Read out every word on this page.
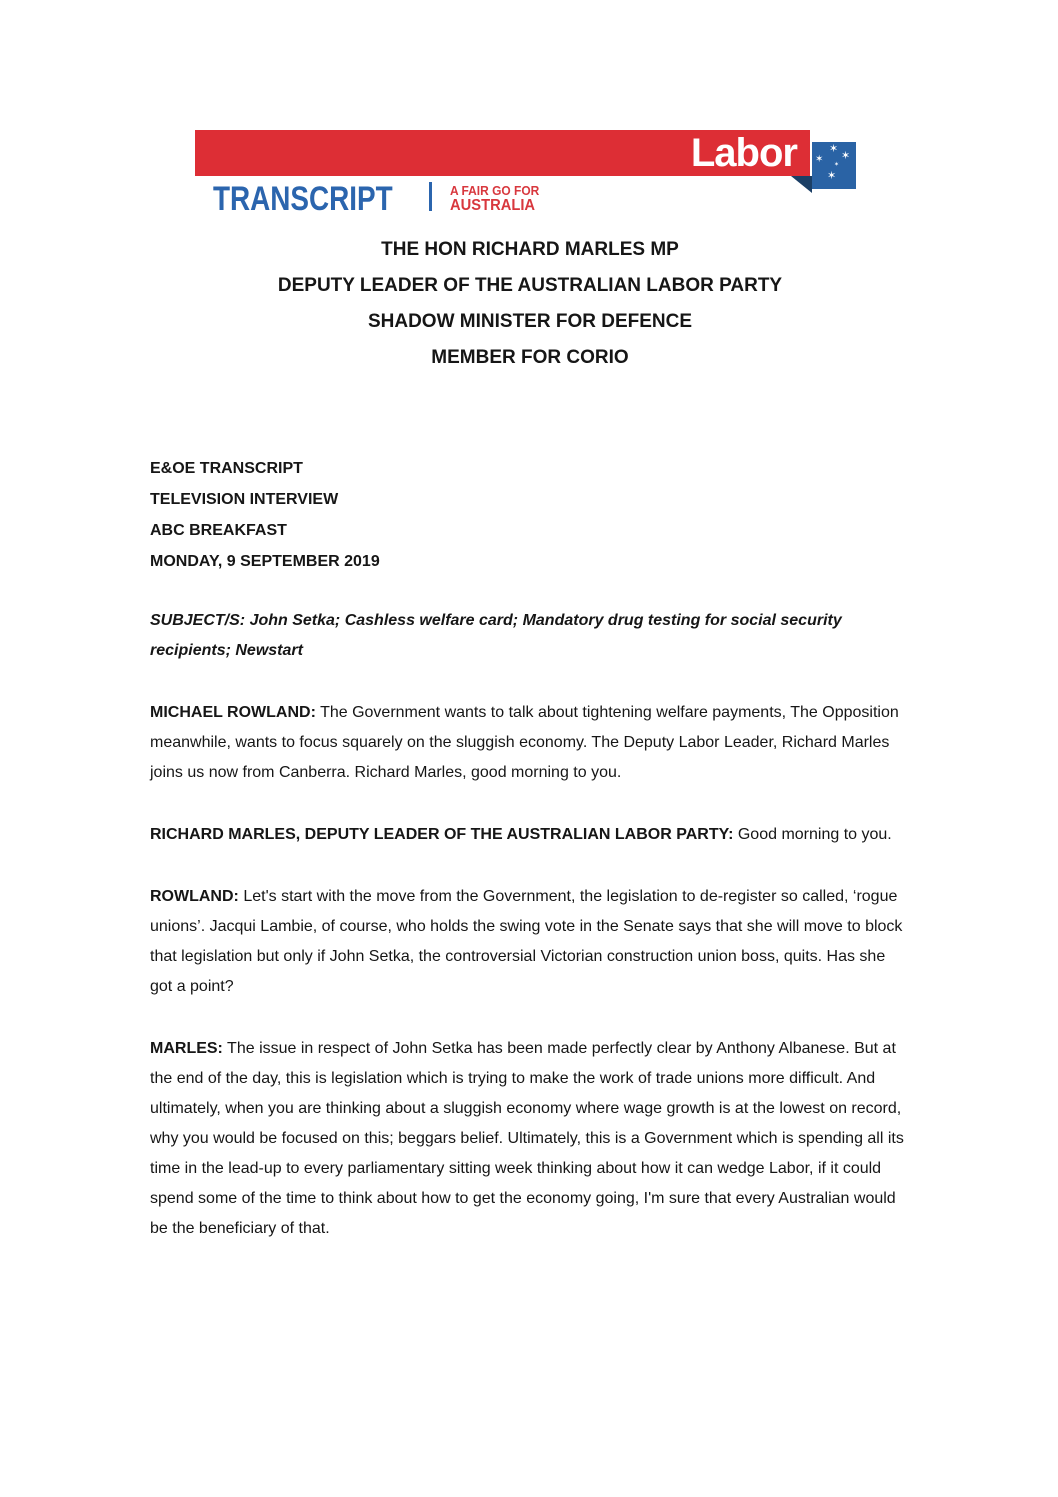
Labor	✶
✶ ✶
✶
✶
TRANSCRIPT	A FAIR GO FOR
AUSTRALIA
THE HON RICHARD MARLES MP
DEPUTY LEADER OF THE AUSTRALIAN LABOR PARTY
SHADOW MINISTER FOR DEFENCE
MEMBER FOR CORIO
E&OE TRANSCRIPT
TELEVISION INTERVIEW
ABC BREAKFAST
MONDAY, 9 SEPTEMBER 2019

SUBJECT/S: John Setka; Cashless welfare card; Mandatory drug testing for social security recipients; Newstart

MICHAEL ROWLAND: The Government wants to talk about tightening welfare payments, The Opposition meanwhile, wants to focus squarely on the sluggish economy. The Deputy Labor Leader, Richard Marles joins us now from Canberra. Richard Marles, good morning to you.

RICHARD MARLES, DEPUTY LEADER OF THE AUSTRALIAN LABOR PARTY: Good morning to you.

ROWLAND: Let's start with the move from the Government, the legislation to de-register so called, ‘rogue unions’. Jacqui Lambie, of course, who holds the swing vote in the Senate says that she will move to block that legislation but only if John Setka, the controversial Victorian construction union boss, quits. Has she got a point?

MARLES: The issue in respect of John Setka has been made perfectly clear by Anthony Albanese. But at the end of the day, this is legislation which is trying to make the work of trade unions more difficult. And ultimately, when you are thinking about a sluggish economy where wage growth is at the lowest on record, why you would be focused on this; beggars belief. Ultimately, this is a Government which is spending all its time in the lead-up to every parliamentary sitting week thinking about how it can wedge Labor, if it could spend some of the time to think about how to get the economy going, I'm sure that every Australian would be the beneficiary of that.
